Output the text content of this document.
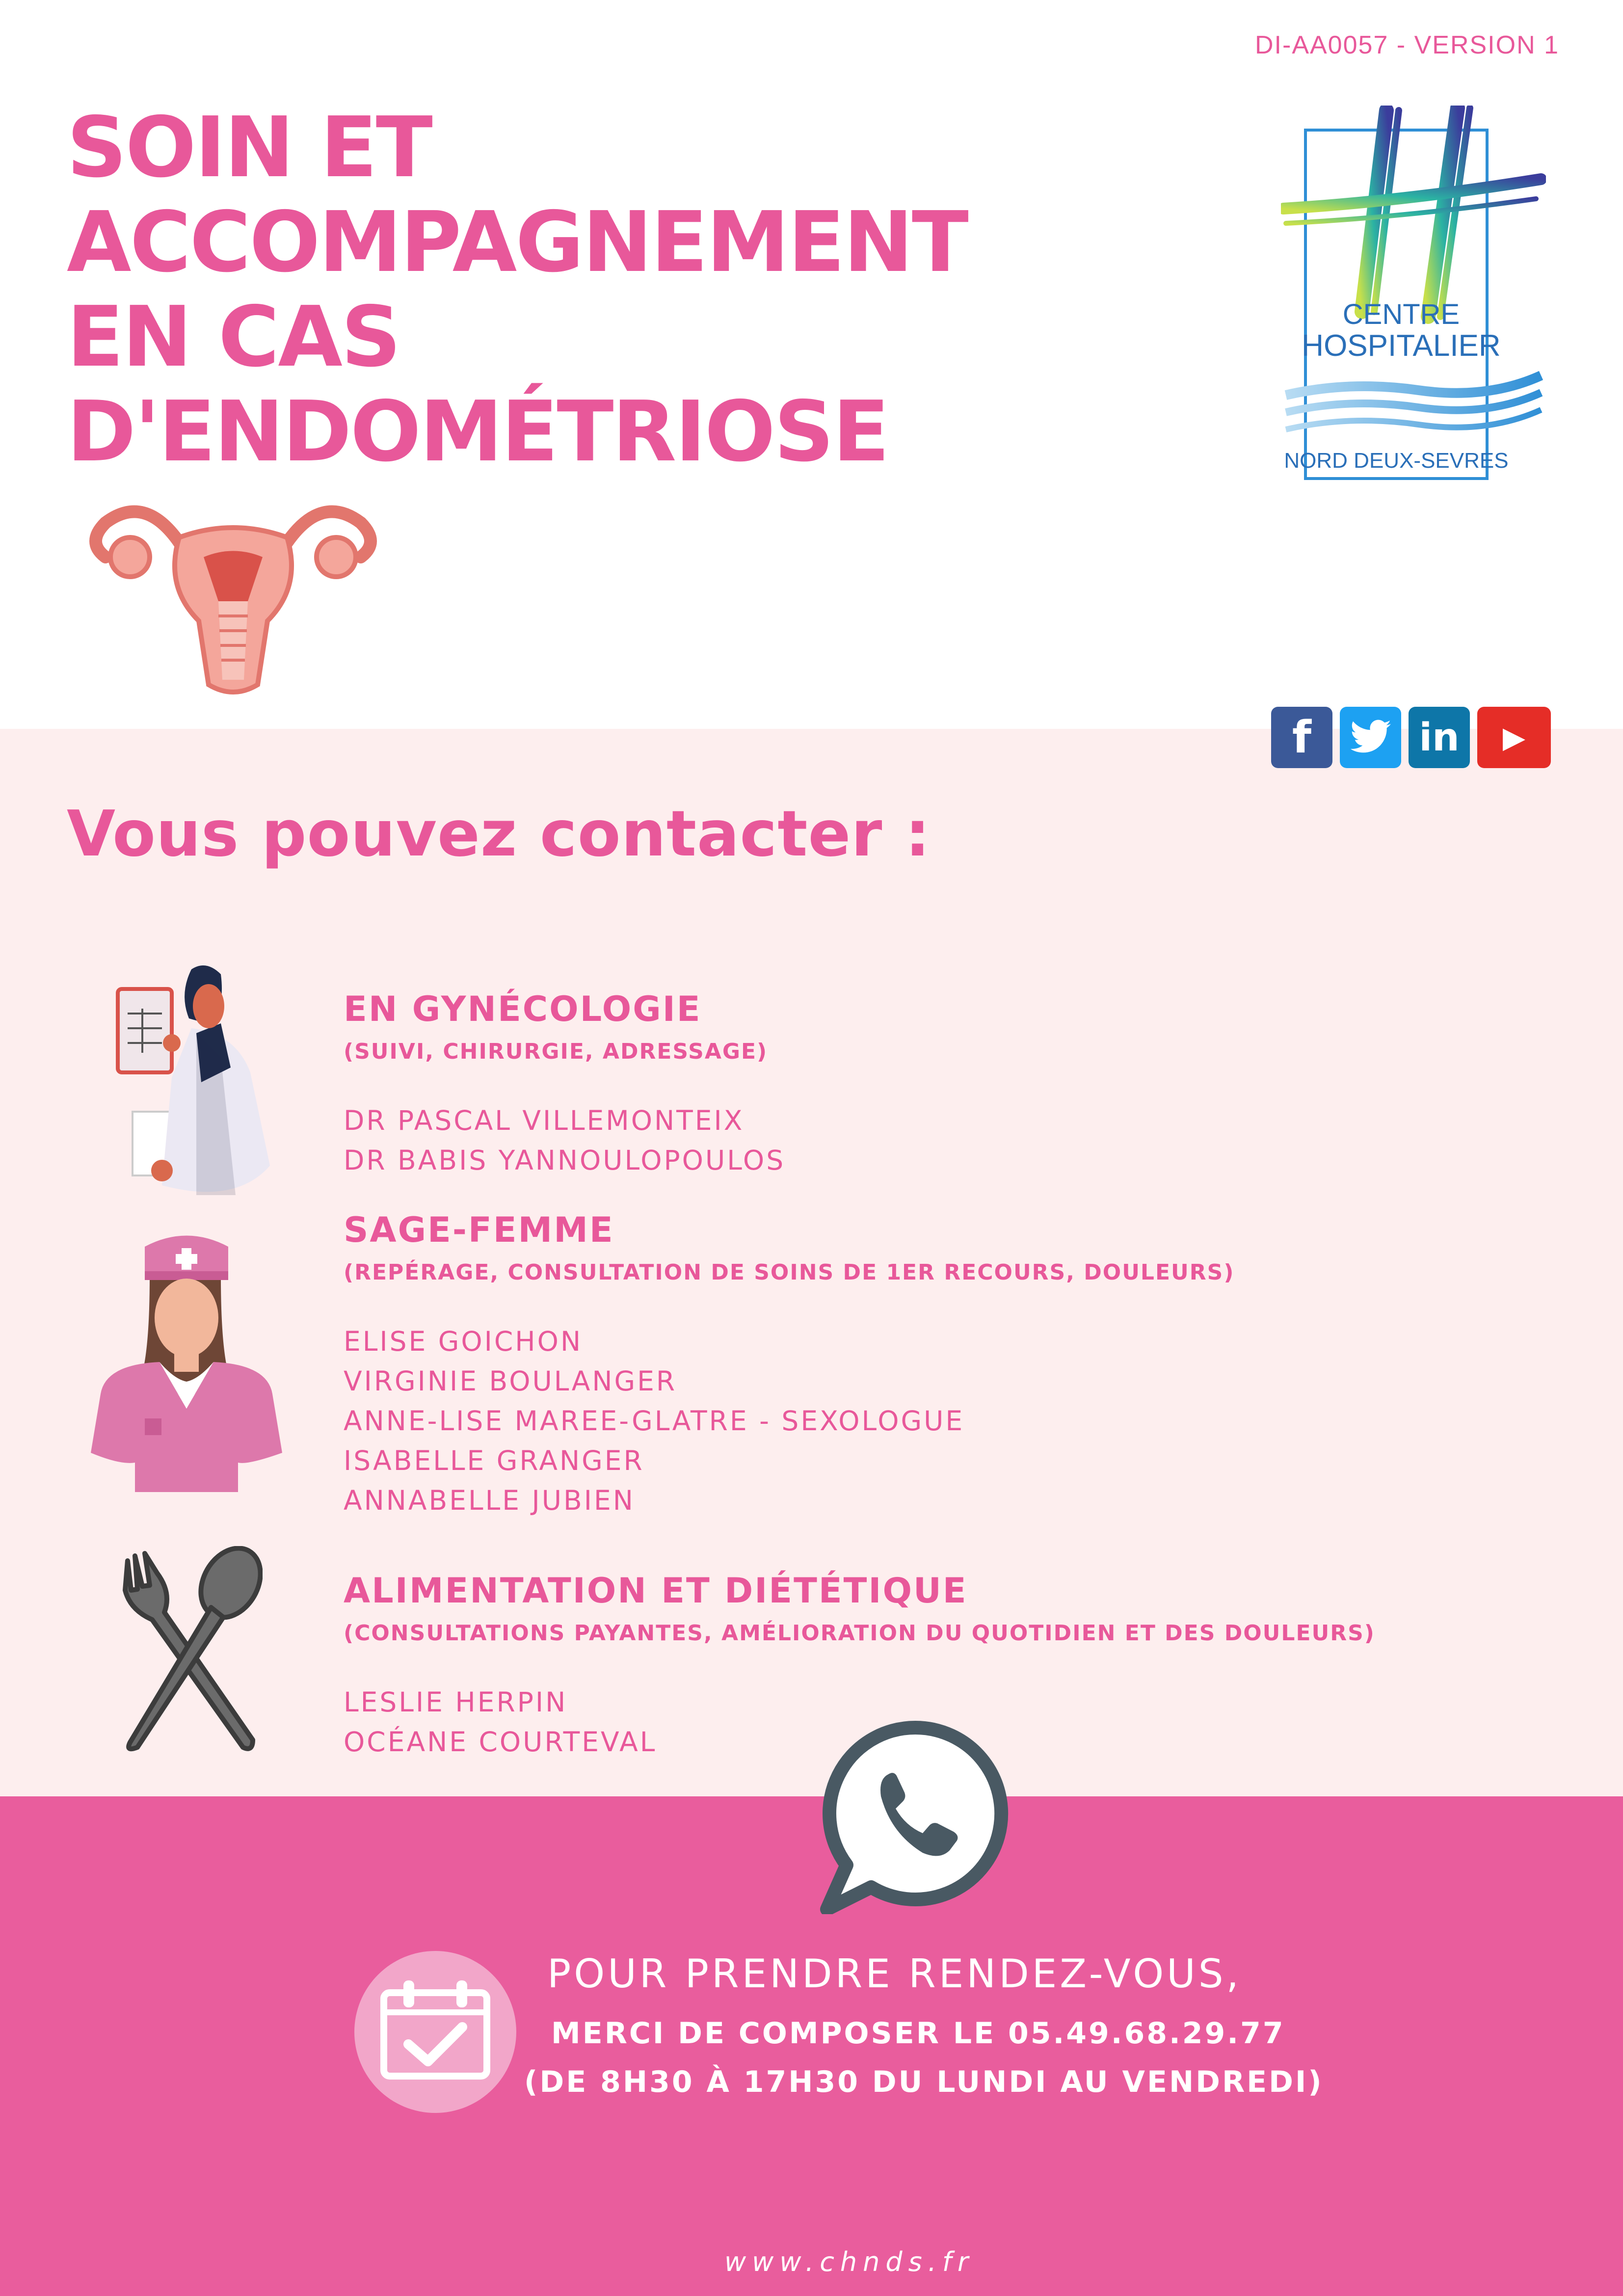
DI-AA0057 - VERSION 1
SOIN ET
ACCOMPAGNEMENT
EN CAS
D'ENDOMÉTRIOSE
CENTRE
HOSPITALIER
NORD DEUX-SEVRES
f	in ▶
Vous pouvez contacter :
EN GYNÉCOLOGIE
(SUIVI, CHIRURGIE, ADRESSAGE)
DR PASCAL VILLEMONTEIX
DR BABIS YANNOULOPOULOS
SAGE-FEMME
(REPÉRAGE, CONSULTATION DE SOINS DE 1ER RECOURS, DOULEURS)
ELISE GOICHON
VIRGINIE BOULANGER
ANNE-LISE MAREE-GLATRE - SEXOLOGUE
ISABELLE GRANGER
ANNABELLE JUBIEN
ALIMENTATION ET DIÉTÉTIQUE
(CONSULTATIONS PAYANTES, AMÉLIORATION DU QUOTIDIEN ET DES DOULEURS)
LESLIE HERPIN
OCÉANE COURTEVAL
POUR PRENDRE RENDEZ-VOUS,
MERCI DE COMPOSER LE 05.49.68.29.77
(DE 8H30 À 17H30 DU LUNDI AU VENDREDI)
www.chnds.fr
